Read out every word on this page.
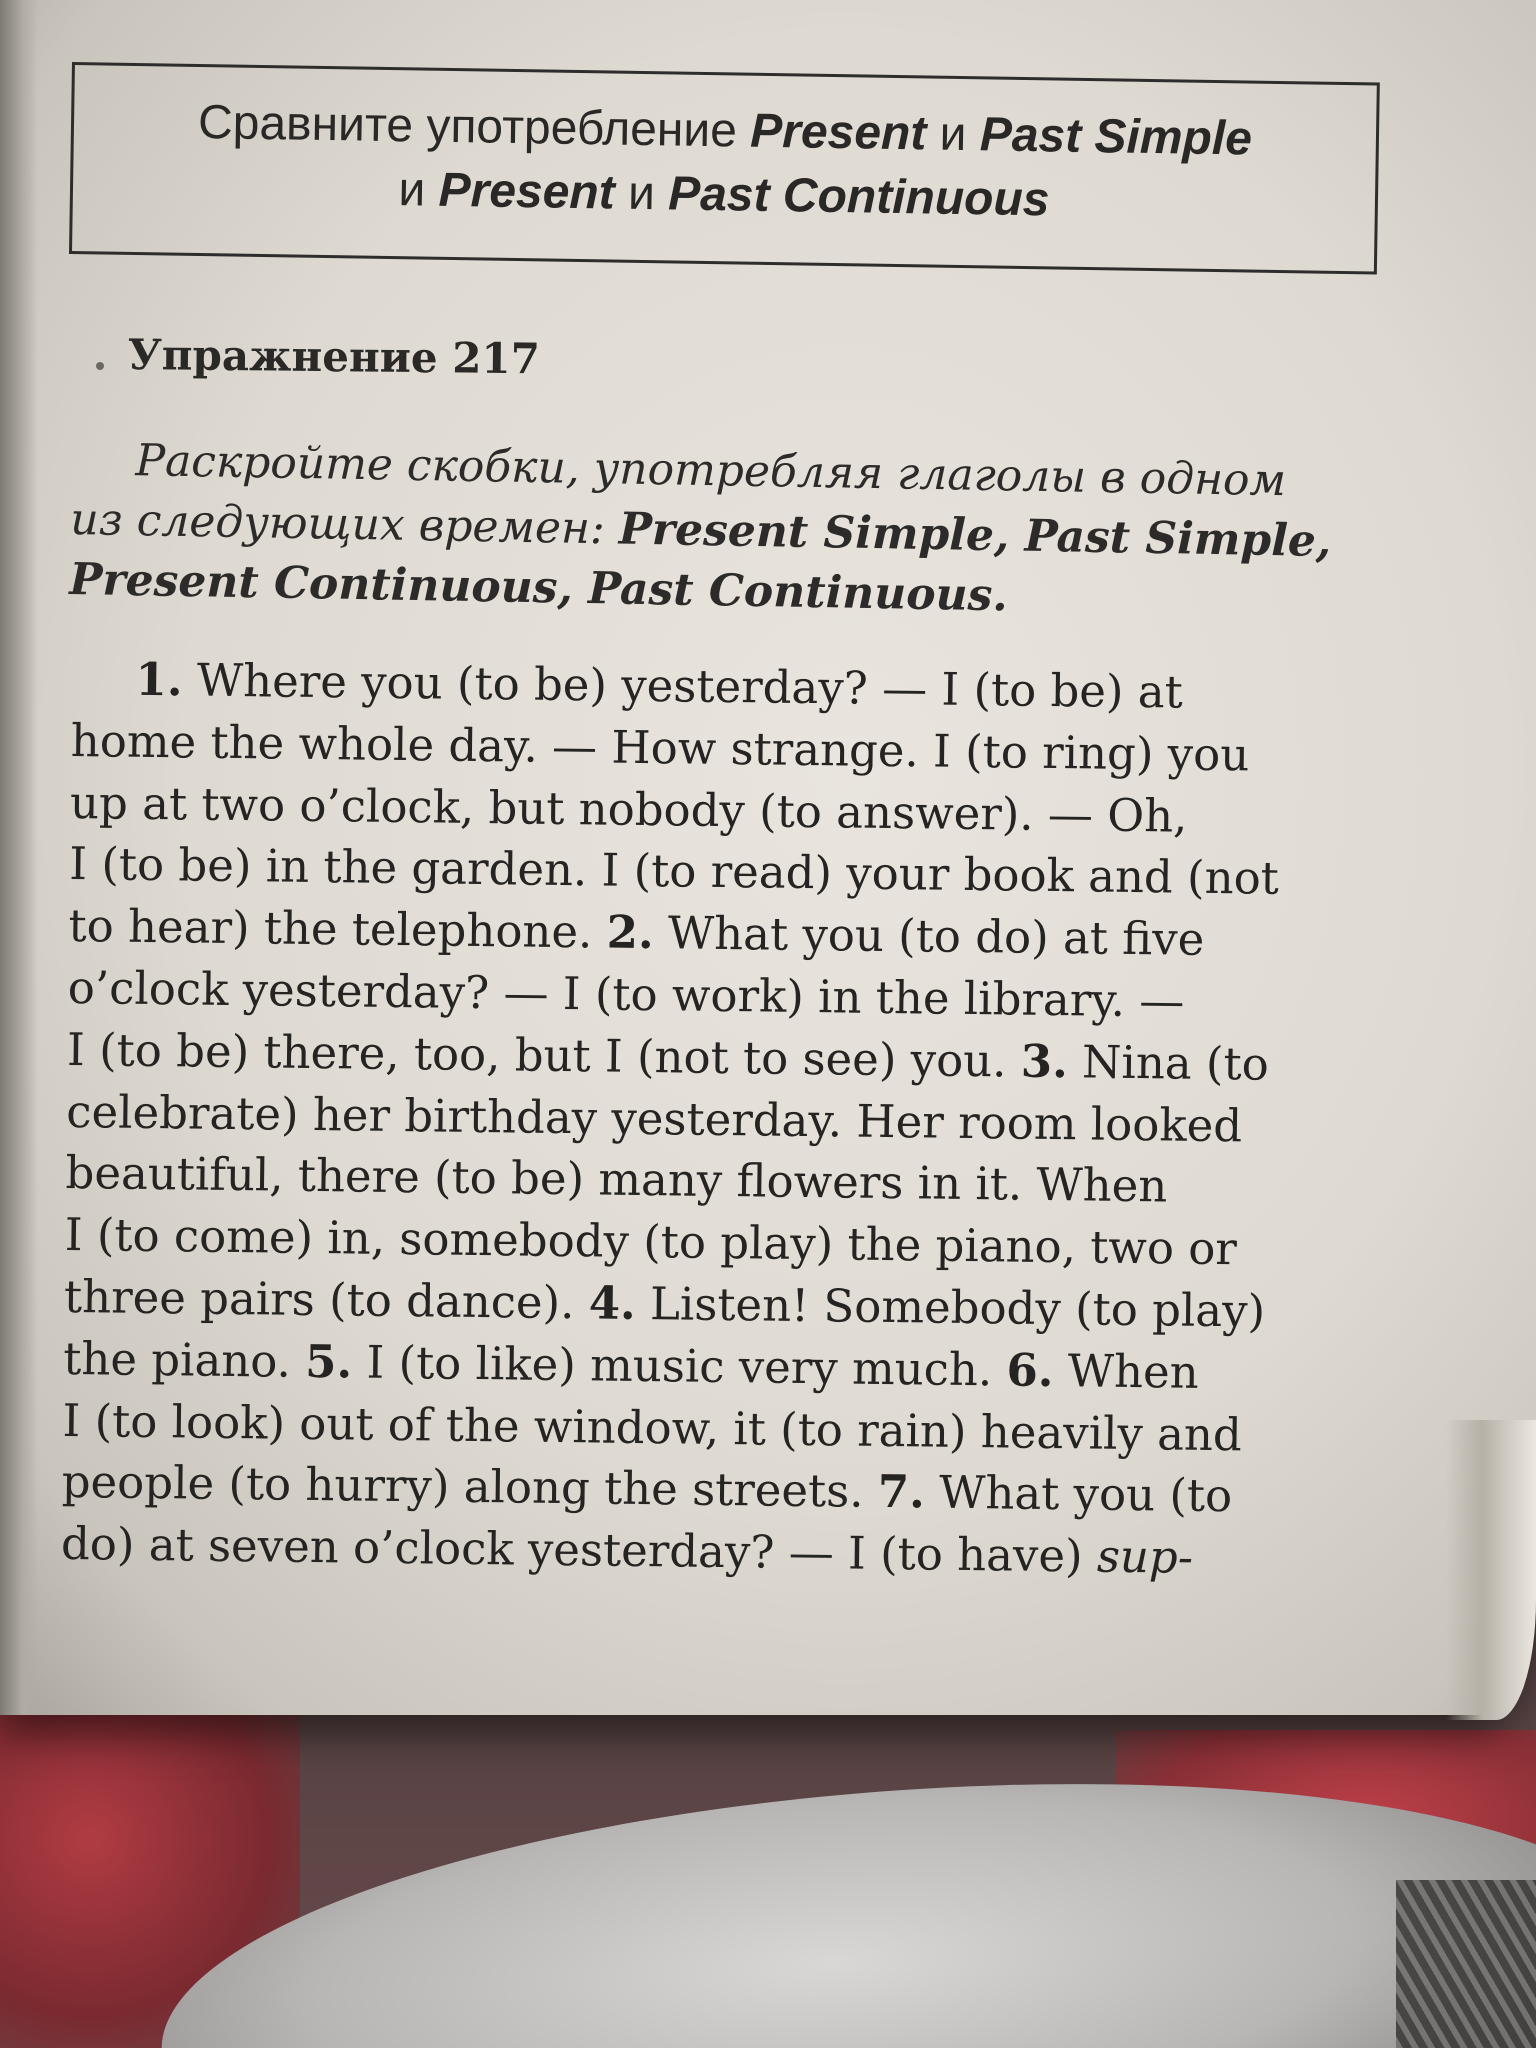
Сравните употребление Present и Past Simple
и Present и Past Continuous
Упражнение 217
Раскройте скобки, употребляя глаголы в одном
из следующих времен: Present Simple, Past Simple,
Present Continuous, Past Continuous.
1. Where you (to be) yesterday? — I (to be) at
home the whole day. — How strange. I (to ring) you
up at two o’clock, but nobody (to answer). — Oh,
I (to be) in the garden. I (to read) your book and (not
to hear) the telephone. 2. What you (to do) at five
o’clock yesterday? — I (to work) in the library. —
I (to be) there, too, but I (not to see) you. 3. Nina (to
celebrate) her birthday yesterday. Her room looked
beautiful, there (to be) many flowers in it. When
I (to come) in, somebody (to play) the piano, two or
three pairs (to dance). 4. Listen! Somebody (to play)
the piano. 5. I (to like) music very much. 6. When
I (to look) out of the window, it (to rain) heavily and
people (to hurry) along the streets. 7. What you (to
do) at seven o’clock yesterday? — I (to have) sup-
